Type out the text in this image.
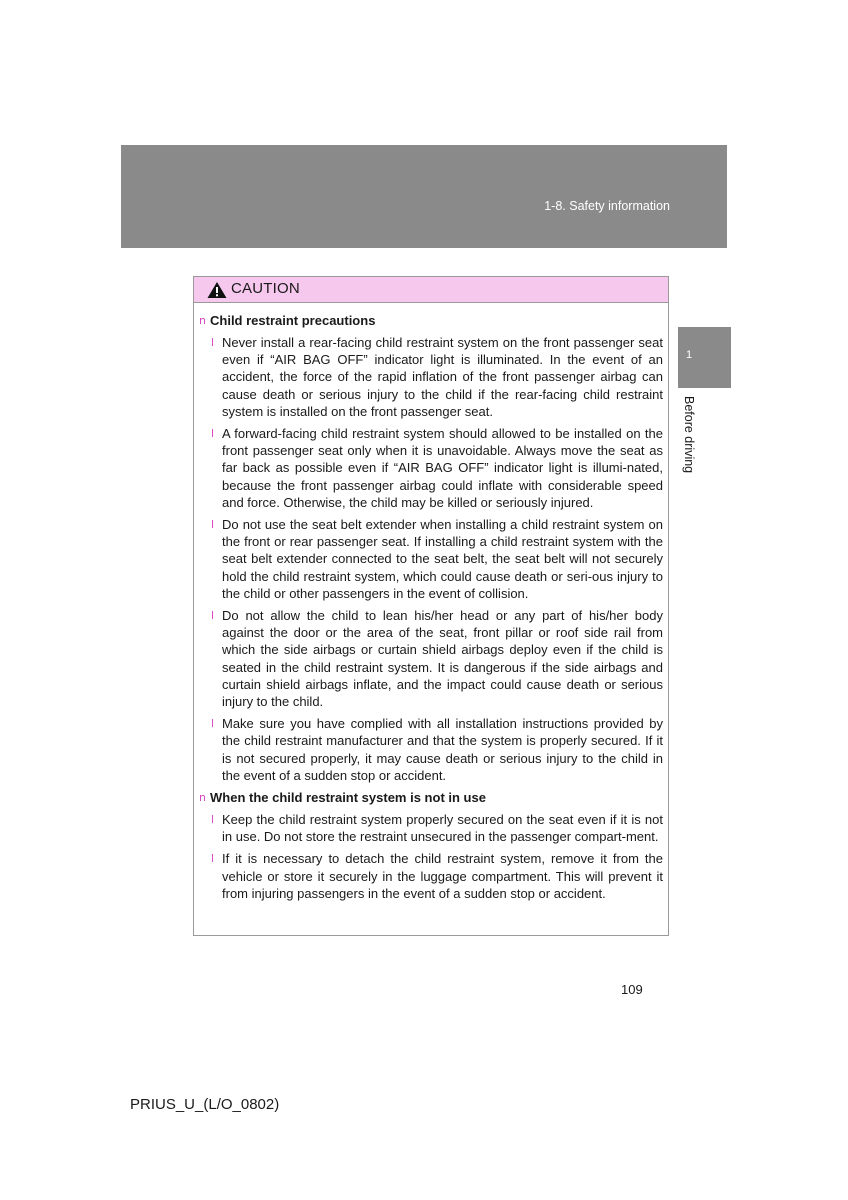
1-8. Safety information
1
Before driving
CAUTION
n Child restraint precautions
l Never install a rear-facing child restraint system on the front passenger seat even if “AIR BAG OFF” indicator light is illuminated. In the event of an accident, the force of the rapid inflation of the front passenger airbag can cause death or serious injury to the child if the rear-facing child restraint system is installed on the front passenger seat.
l A forward-facing child restraint system should allowed to be installed on the front passenger seat only when it is unavoidable. Always move the seat as far back as possible even if “AIR BAG OFF” indicator light is illumi-nated, because the front passenger airbag could inflate with considerable speed and force. Otherwise, the child may be killed or seriously injured.
l Do not use the seat belt extender when installing a child restraint system on the front or rear passenger seat. If installing a child restraint system with the seat belt extender connected to the seat belt, the seat belt will not securely hold the child restraint system, which could cause death or seri-ous injury to the child or other passengers in the event of collision.
l Do not allow the child to lean his/her head or any part of his/her body against the door or the area of the seat, front pillar or roof side rail from which the side airbags or curtain shield airbags deploy even if the child is seated in the child restraint system. It is dangerous if the side airbags and curtain shield airbags inflate, and the impact could cause death or serious injury to the child.
l Make sure you have complied with all installation instructions provided by the child restraint manufacturer and that the system is properly secured. If it is not secured properly, it may cause death or serious injury to the child in the event of a sudden stop or accident.
n When the child restraint system is not in use
l Keep the child restraint system properly secured on the seat even if it is not in use. Do not store the restraint unsecured in the passenger compart-ment.
l If it is necessary to detach the child restraint system, remove it from the vehicle or store it securely in the luggage compartment. This will prevent it from injuring passengers in the event of a sudden stop or accident.
109
PRIUS_U_(L/O_0802)
